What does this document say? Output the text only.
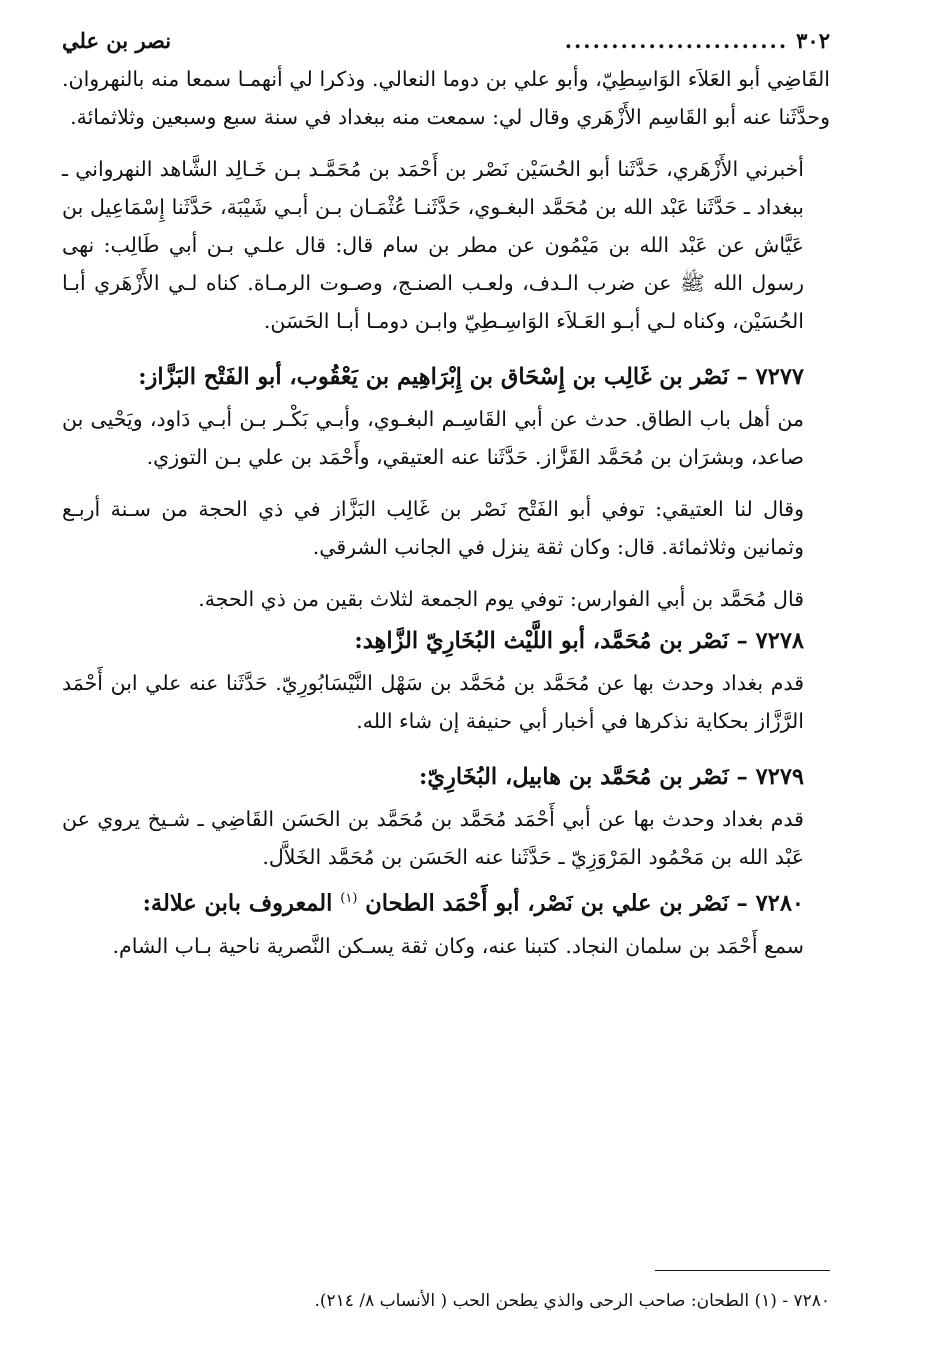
٣٠٢
........................
نصر بن علي

القَاضِي أبو العَلاَء الوَاسِطِيّ، وأبو علي بن دوما النعالي. وذكرا لي أنهمـا سمعا منه بالنهروان. وحدَّثَنا عنه أبو القَاسِم الأَزْهَري وقال لي: سمعت منه ببغداد في سنة سبع وسبعين وثلاثمائة.

أخبرني الأَزْهَري، حَدَّثَنا أبو الحُسَيْن نَصْر بن أَحْمَد بن مُحَمَّـد بـن خَـالِد الشَّاهد النهرواني ـ ببغداد ـ حَدَّثَنا عَبْد الله بن مُحَمَّد البغـوي، حَدَّثَنـا عُثْمَـان بـن أبـي شَيْبَة، حَدَّثَنا إِسْمَاعِيل بن عَيَّاش عن عَبْد الله بن مَيْمُون عن مطر بن سام قال: قال علـي بـن أبي طَالِب: نهى رسول الله ﷺ عن ضرب الـدف، ولعـب الصنـج، وصـوت الرمـاة. كناه لـي الأَزْهَري أبـا الحُسَيْن، وكناه لـي أبـو العَـلاَء الوَاسِـطِيّ وابـن دومـا أبـا الحَسَن.

٧٢٧٧ – نَصْر بن غَالِب بن إِسْحَاق بن إِبْرَاهِيم بن يَعْقُوب، أبو الفَتْح البَزَّاز:

من أهل باب الطاق. حدث عن أبي القَاسِـم البغـوي، وأبـي بَكْـر بـن أبـي دَاود، ويَحْيى بن صاعد، وبشرَان بن مُحَمَّد القَزَّاز. حَدَّثَنا عنه العتيقي، وأَحْمَد بن علي بـن التوزي.

وقال لنا العتيقي: توفي أبو الفَتْح نَصْر بن غَالِب البَزَّاز في ذي الحجة من سـنة أربـع وثمانين وثلاثمائة. قال: وكان ثقة ينزل في الجانب الشرقي.

قال مُحَمَّد بن أبي الفوارس: توفي يوم الجمعة لثلاث بقين من ذي الحجة.

٧٢٧٨ – نَصْر بن مُحَمَّد، أبو اللَّيْث البُخَارِيّ الزَّاهِد:

قدم بغداد وحدث بها عن مُحَمَّد بن مُحَمَّد بن سَهْل النَّيْسَابُورِيّ. حَدَّثَنا عنه علي ابن أَحْمَد الرَّزَّاز بحكاية نذكرها في أخبار أبي حنيفة إن شاء الله.

٧٢٧٩ – نَصْر بن مُحَمَّد بن هابيل، البُخَارِيّ:

قدم بغداد وحدث بها عن أبي أَحْمَد مُحَمَّد بن مُحَمَّد بن الحَسَن القَاضِي ـ شـيخ يروي عن عَبْد الله بن مَحْمُود المَرْوَزِيّ ـ حَدَّثَنا عنه الحَسَن بن مُحَمَّد الخَلاَّل.

٧٢٨٠ – نَصْر بن علي بن نَصْر، أبو أَحْمَد الطحان $^{(١)}$ المعروف بابن علالة:

سمع أَحْمَد بن سلمان النجاد. كتبنا عنه، وكان ثقة يسـكن النَّصرية ناحية بـاب الشام.

٧٢٨٠ - (١) الطحان: صاحب الرحى والذي يطحن الحب ( الأنساب ٨/ ٢١٤).
